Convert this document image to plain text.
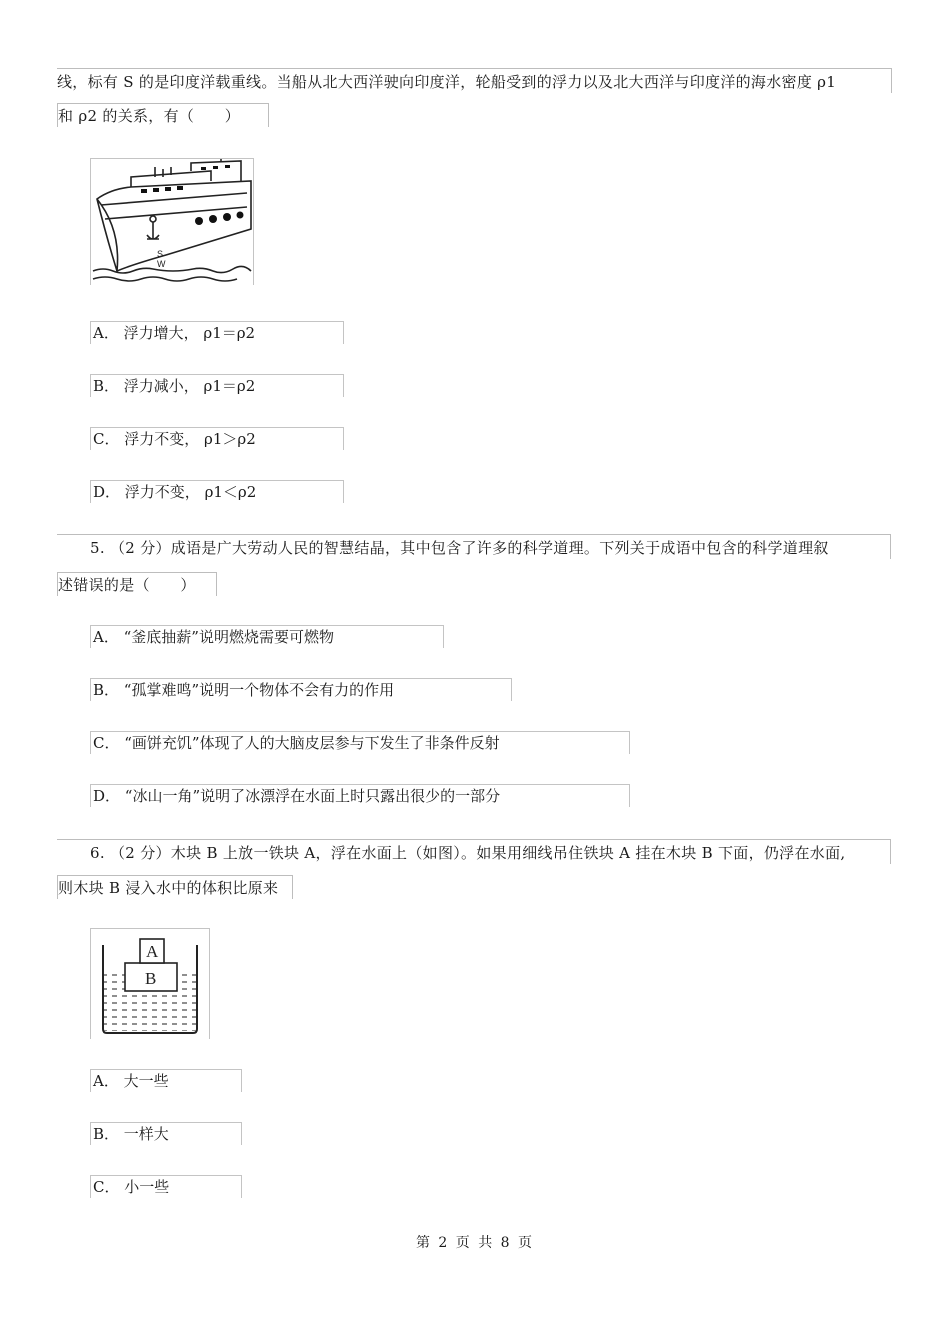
线，标有 S 的是印度洋载重线。当船从北大西洋驶向印度洋，轮船受到的浮力以及北大西洋与印度洋的海水密度 ρ1
和 ρ2 的关系，有（　　）
S
W
A． 浮力增大， ρ1＝ρ2
B． 浮力减小， ρ1＝ρ2
C． 浮力不变， ρ1＞ρ2
D． 浮力不变， ρ1＜ρ2
5. （2 分）成语是广大劳动人民的智慧结晶，其中包含了许多的科学道理。下列关于成语中包含的科学道理叙
述错误的是（　　）
A． “釜底抽薪”说明燃烧需要可燃物
B． “孤掌难鸣”说明一个物体不会有力的作用
C． “画饼充饥”体现了人的大脑皮层参与下发生了非条件反射
D． “冰山一角”说明了冰漂浮在水面上时只露出很少的一部分
6. （2 分）木块 B 上放一铁块 A，浮在水面上（如图）。如果用细线吊住铁块 A 挂在木块 B 下面，仍浮在水面,
则木块 B 浸入水中的体积比原来
A
B
A． 大一些
B． 一样大
C． 小一些
第 2 页 共 8 页
